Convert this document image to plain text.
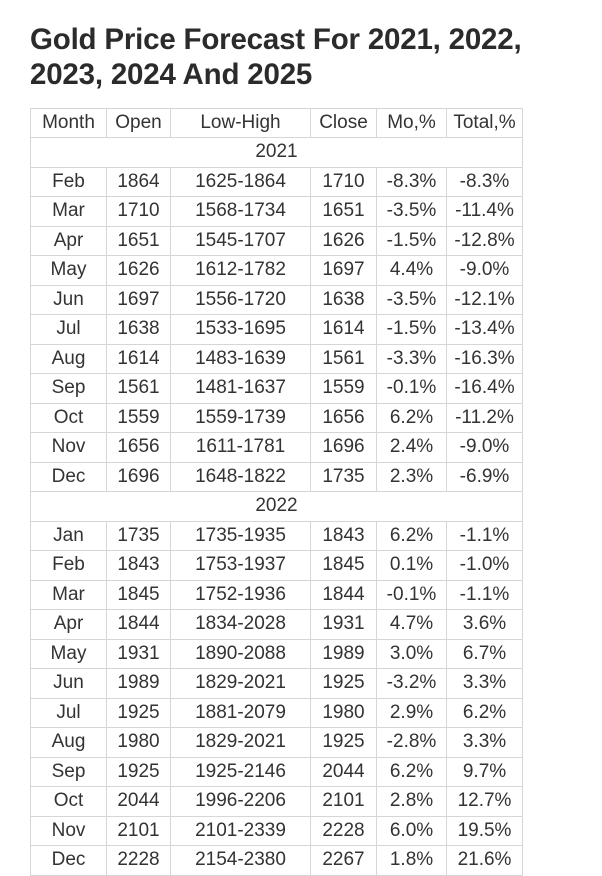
Gold Price Forecast For 2021, 2022, 2023, 2024 And 2025
Month	Open	Low-High	Close	Mo,%	Total,%
2021					
Feb	1864	1625-1864	1710	-8.3%	-8.3%
Mar	1710	1568-1734	1651	-3.5%	-11.4%
Apr	1651	1545-1707	1626	-1.5%	-12.8%
May	1626	1612-1782	1697	4.4%	-9.0%
Jun	1697	1556-1720	1638	-3.5%	-12.1%
Jul	1638	1533-1695	1614	-1.5%	-13.4%
Aug	1614	1483-1639	1561	-3.3%	-16.3%
Sep	1561	1481-1637	1559	-0.1%	-16.4%
Oct	1559	1559-1739	1656	6.2%	-11.2%
Nov	1656	1611-1781	1696	2.4%	-9.0%
Dec	1696	1648-1822	1735	2.3%	-6.9%
2022					
Jan	1735	1735-1935	1843	6.2%	-1.1%
Feb	1843	1753-1937	1845	0.1%	-1.0%
Mar	1845	1752-1936	1844	-0.1%	-1.1%
Apr	1844	1834-2028	1931	4.7%	3.6%
May	1931	1890-2088	1989	3.0%	6.7%
Jun	1989	1829-2021	1925	-3.2%	3.3%
Jul	1925	1881-2079	1980	2.9%	6.2%
Aug	1980	1829-2021	1925	-2.8%	3.3%
Sep	1925	1925-2146	2044	6.2%	9.7%
Oct	2044	1996-2206	2101	2.8%	12.7%
Nov	2101	2101-2339	2228	6.0%	19.5%
Dec	2228	2154-2380	2267	1.8%	21.6%
